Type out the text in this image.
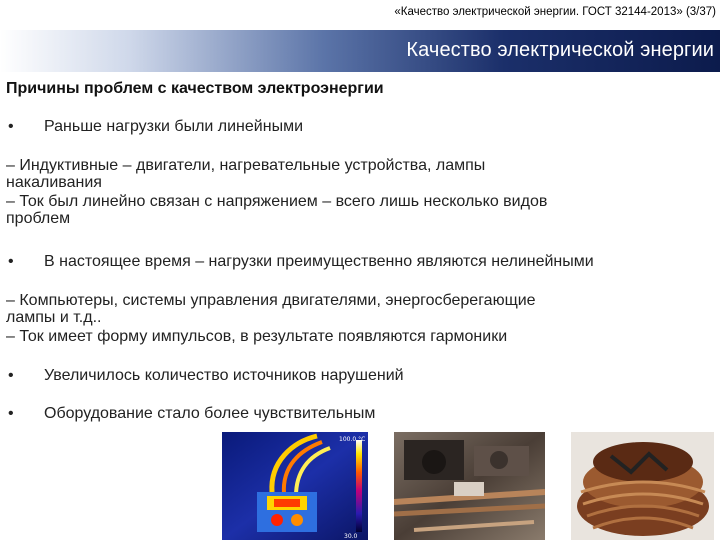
«Качество электрической энергии. ГОСТ 32144-2013» (3/37)
Качество электрической энергии
Причины проблем с качеством электроэнергии
• Раньше нагрузки были линейными
– Индуктивные – двигатели, нагревательные устройства, лампы
накаливания
– Ток был линейно связан с напряжением – всего лишь несколько видов
проблем
• В настоящее время – нагрузки преимущественно являются нелинейными
– Компьютеры, системы управления двигателями, энергосберегающие
лампы и т.д..
– Ток имеет форму импульсов, в результате появляются гармоники
• Увеличилось количество источников нарушений
• Оборудование стало более чувствительным
100.0 °C
30.0
